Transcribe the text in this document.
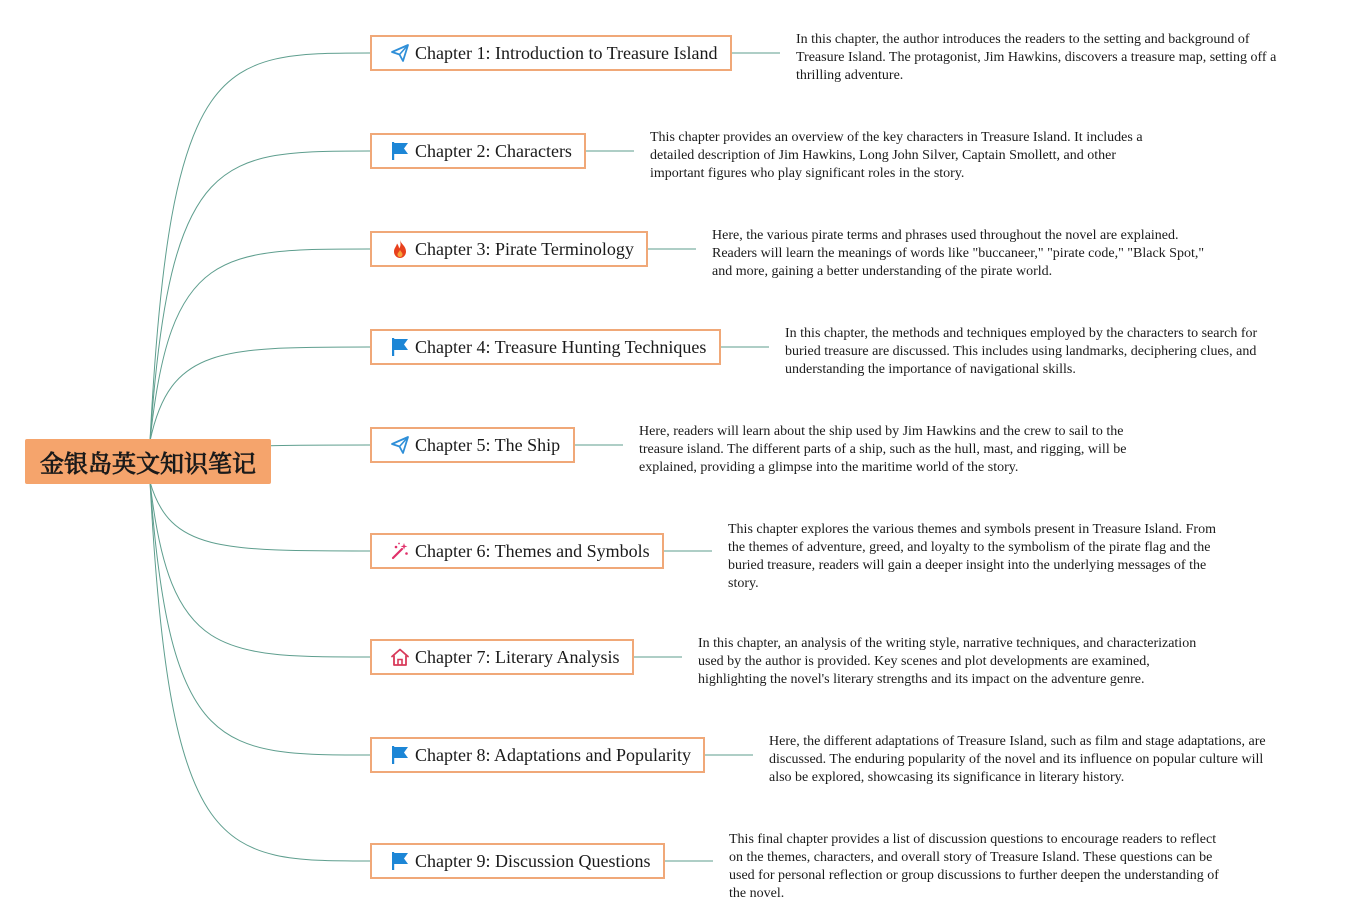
金银岛英文知识笔记
Chapter 1: Introduction to Treasure Island

In this chapter, the author introduces the readers to the setting and background of Treasure Island. The protagonist, Jim Hawkins, discovers a treasure map, setting off a thrilling adventure.

Chapter 2: Characters

This chapter provides an overview of the key characters in Treasure Island. It includes a detailed description of Jim Hawkins, Long John Silver, Captain Smollett, and other important figures who play significant roles in the story.

Chapter 3: Pirate Terminology

Here, the various pirate terms and phrases used throughout the novel are explained. Readers will learn the meanings of words like "buccaneer," "pirate code," "Black Spot," and more, gaining a better understanding of the pirate world.

Chapter 4: Treasure Hunting Techniques

In this chapter, the methods and techniques employed by the characters to search for buried treasure are discussed. This includes using landmarks, deciphering clues, and understanding the importance of navigational skills.

Chapter 5: The Ship

Here, readers will learn about the ship used by Jim Hawkins and the crew to sail to the treasure island. The different parts of a ship, such as the hull, mast, and rigging, will be explained, providing a glimpse into the maritime world of the story.

Chapter 6: Themes and Symbols

This chapter explores the various themes and symbols present in Treasure Island. From the themes of adventure, greed, and loyalty to the symbolism of the pirate flag and the buried treasure, readers will gain a deeper insight into the underlying messages of the story.

Chapter 7: Literary Analysis

In this chapter, an analysis of the writing style, narrative techniques, and characterization used by the author is provided. Key scenes and plot developments are examined, highlighting the novel's literary strengths and its impact on the adventure genre.

Chapter 8: Adaptations and Popularity

Here, the different adaptations of Treasure Island, such as film and stage adaptations, are discussed. The enduring popularity of the novel and its influence on popular culture will also be explored, showcasing its significance in literary history.

Chapter 9: Discussion Questions

This final chapter provides a list of discussion questions to encourage readers to reflect on the themes, characters, and overall story of Treasure Island. These questions can be used for personal reflection or group discussions to further deepen the understanding of the novel.
